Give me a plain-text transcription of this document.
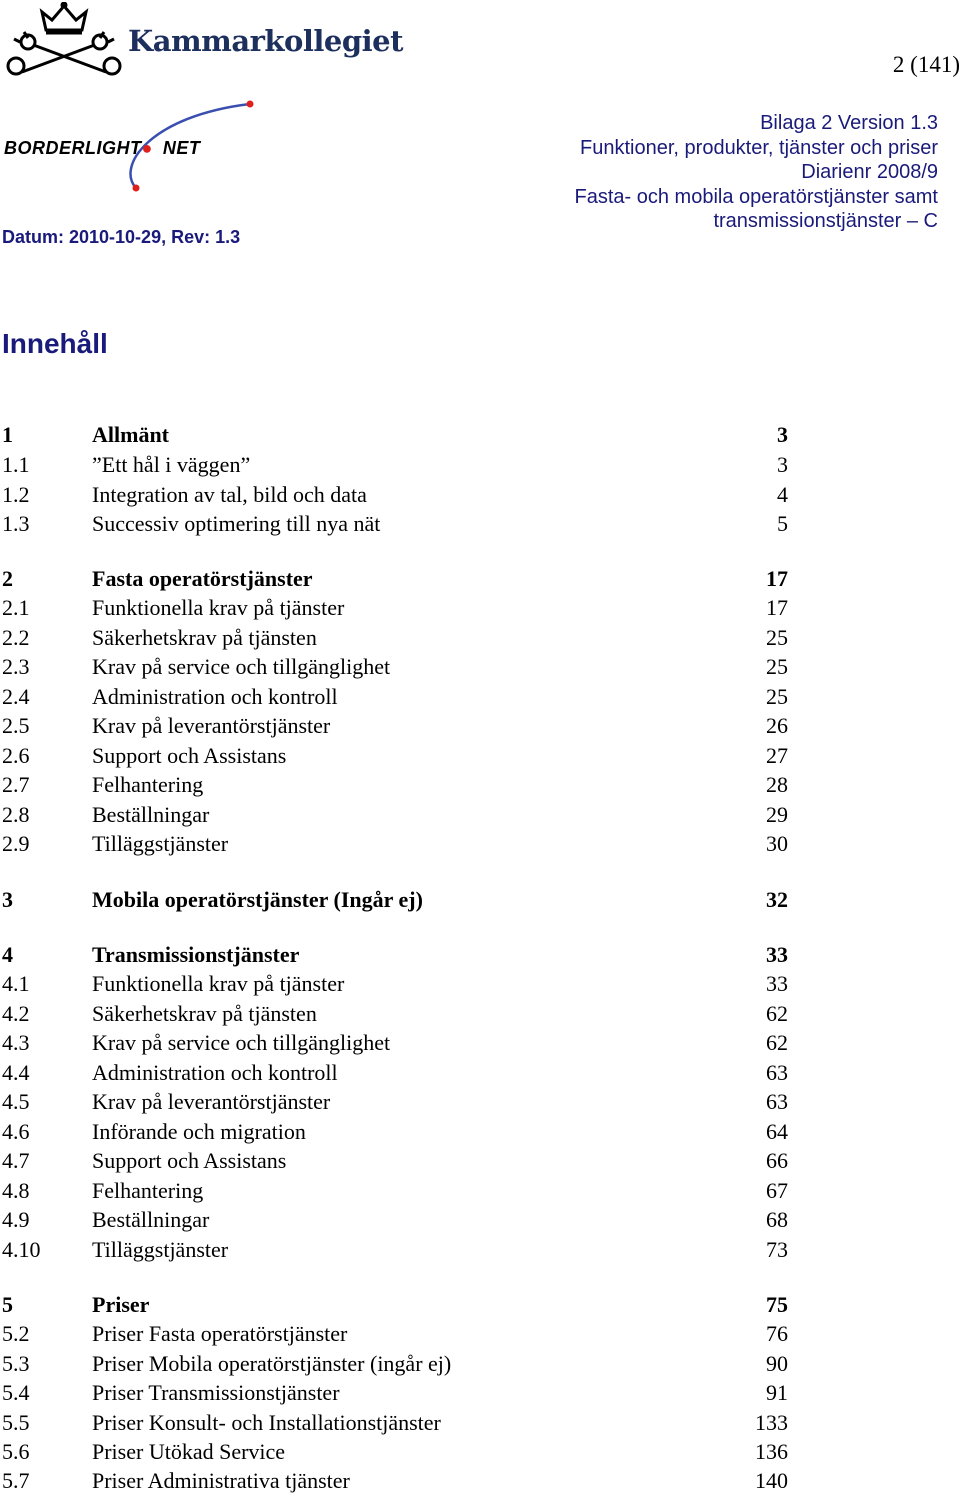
Kammarkollegiet
2 (141)
BORDERLIGHT● NET
Bilaga 2 Version 1.3
Funktioner, produkter, tjänster och priser
Diarienr 2008/9
Fasta- och mobila operatörstjänster samt
transmissionstjänster – C
Datum: 2010-10-29, Rev: 1.3
Innehåll
1	Allmänt	3
1.1	”Ett hål i väggen”	3
1.2	Integration av tal, bild och data	4
1.3	Successiv optimering till nya nät	5
2	Fasta operatörstjänster	17
2.1	Funktionella krav på tjänster	17
2.2	Säkerhetskrav på tjänsten	25
2.3	Krav på service och tillgänglighet	25
2.4	Administration och kontroll	25
2.5	Krav på leverantörstjänster	26
2.6	Support och Assistans	27
2.7	Felhantering	28
2.8	Beställningar	29
2.9	Tilläggstjänster	30
3	Mobila operatörstjänster (Ingår ej)	32
4	Transmissionstjänster	33
4.1	Funktionella krav på tjänster	33
4.2	Säkerhetskrav på tjänsten	62
4.3	Krav på service och tillgänglighet	62
4.4	Administration och kontroll	63
4.5	Krav på leverantörstjänster	63
4.6	Införande och migration	64
4.7	Support och Assistans	66
4.8	Felhantering	67
4.9	Beställningar	68
4.10 Tilläggstjänster	73
5	Priser	75
5.2	Priser Fasta operatörstjänster	76
5.3	Priser Mobila operatörstjänster (ingår ej)	90
5.4	Priser Transmissionstjänster	91
5.5	Priser Konsult- och Installationstjänster	133
5.6	Priser Utökad Service	136
5.7	Priser Administrativa tjänster	140
